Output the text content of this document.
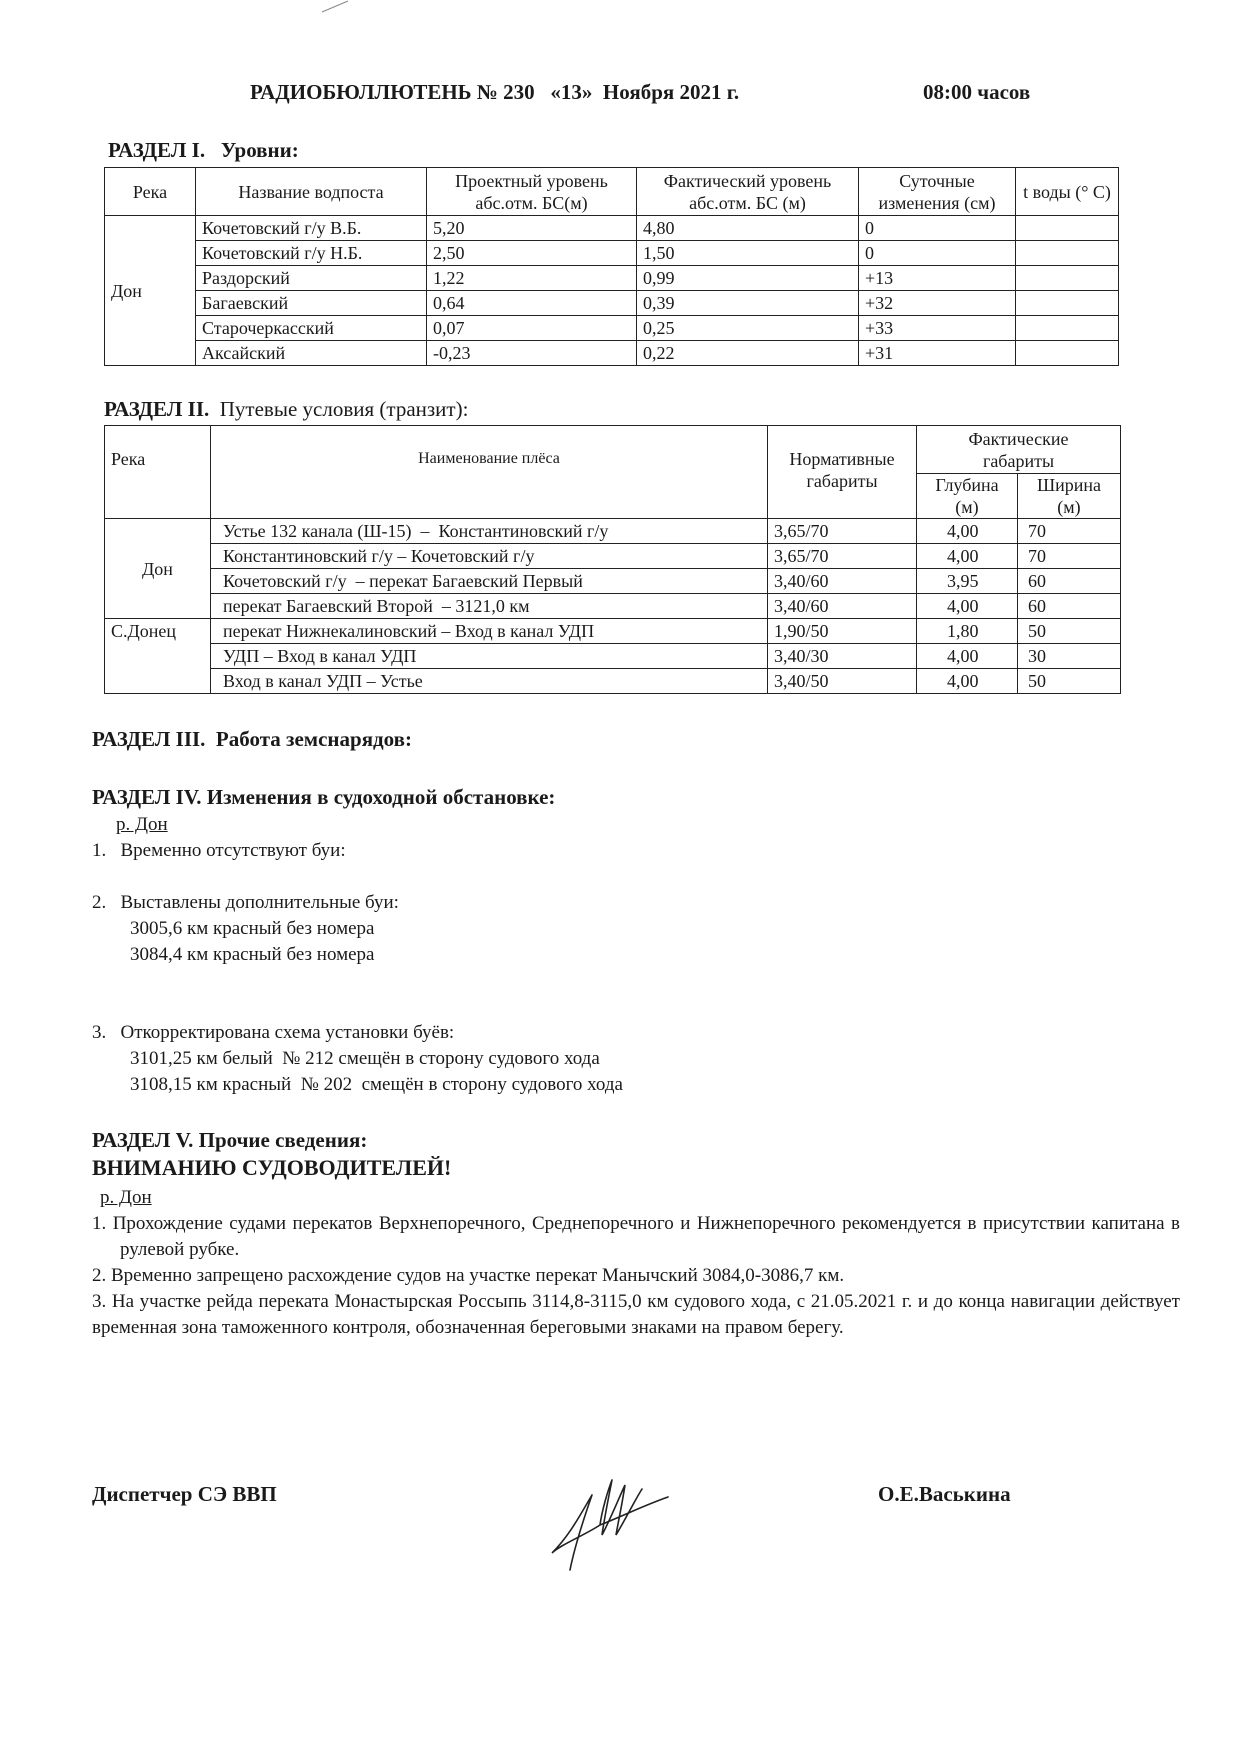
РАДИОБЮЛЛЮТЕНЬ № 230   «13»  Ноября 2021 г.	08:00 часов
РАЗДЕЛ I.   Уровни:
Река	Название водпоста	Проектный уровень абс.отм. БС(м)	Фактический уровень абс.отм. БС (м)	Суточные изменения (см)	t воды (° С)
Дон	Кочетовский г/у В.Б.	5,20	4,80	0	
	Кочетовский г/у Н.Б.	2,50	1,50	0	
	Раздорский	1,22	0,99	+13	
	Багаевский	0,64	0,39	+32	
	Старочеркасский	0,07	0,25	+33	
	Аксайский	-0,23	0,22	+31	
РАЗДЕЛ II. Путевые условия (транзит):
Река	Наименование плёса	Нормативные габариты	Фактические габариты	
			Глубина (м)	Ширина (м)
Дон	Устье 132 канала (Ш-15)  –  Константиновский г/у	3,65/70	4,00	70
	Константиновский г/у – Кочетовский г/у	3,65/70	4,00	70
	Кочетовский г/у  – перекат Багаевский Первый	3,40/60	3,95	60
	перекат Багаевский Второй  – 3121,0 км	3,40/60	4,00	60
С.Донец	перекат Нижнекалиновский – Вход в канал УДП	1,90/50	1,80	50
	УДП – Вход в канал УДП	3,40/30	4,00	30
	Вход в канал УДП – Устье	3,40/50	4,00	50
РАЗДЕЛ III.  Работа земснарядов:
РАЗДЕЛ IV. Изменения в судоходной обстановке:

р. Дон

1.   Временно отсутствуют буи:

2.   Выставлены дополнительные буи:

3005,6 км красный без номера

3084,4 км красный без номера

3.   Откорректирована схема установки буёв:

3101,25 км белый  № 212 смещён в сторону судового хода

3108,15 км красный  № 202  смещён в сторону судового хода

РАЗДЕЛ V. Прочие сведения:
ВНИМАНИЮ СУДОВОДИТЕЛЕЙ!

р. Дон

1. Прохождение судами перекатов Верхнепоречного, Среднепоречного и Нижнепоречного рекомендуется в присутствии капитана в рулевой рубке.

2. Временно запрещено расхождение судов на участке перекат Манычский 3084,0-3086,7 км.

3. На участке рейда переката Монастырская Россыпь 3114,8-3115,0 км судового хода, с 21.05.2021 г. и до конца навигации действует временная зона таможенного контроля, обозначенная береговыми знаками на правом берегу.

Диспетчер СЭ ВВП	О.Е.Васькина
